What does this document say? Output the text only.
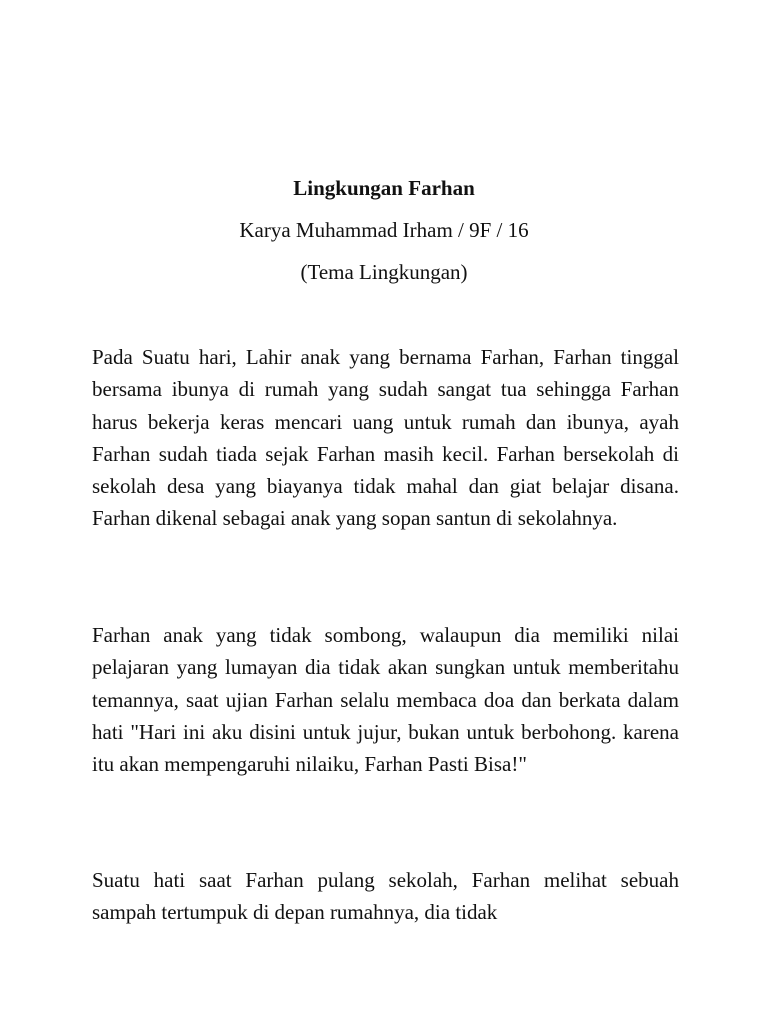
Lingkungan Farhan
Karya Muhammad Irham / 9F / 16
(Tema Lingkungan)

Pada Suatu hari, Lahir anak yang bernama Farhan, Farhan tinggal bersama ibunya di rumah yang sudah sangat tua sehingga Farhan harus bekerja keras mencari uang untuk rumah dan ibunya, ayah Farhan sudah tiada sejak Farhan masih kecil. Farhan bersekolah di sekolah desa yang biayanya tidak mahal dan giat belajar disana. Farhan dikenal sebagai anak yang sopan santun di sekolahnya.

Farhan anak yang tidak sombong, walaupun dia memiliki nilai pelajaran yang lumayan dia tidak akan sungkan untuk memberitahu temannya, saat ujian Farhan selalu membaca doa dan berkata dalam hati "Hari ini aku disini untuk jujur, bukan untuk berbohong. karena itu akan mempengaruhi nilaiku, Farhan Pasti Bisa!"

Suatu hati saat Farhan pulang sekolah, Farhan melihat sebuah sampah tertumpuk di depan rumahnya, dia tidak
